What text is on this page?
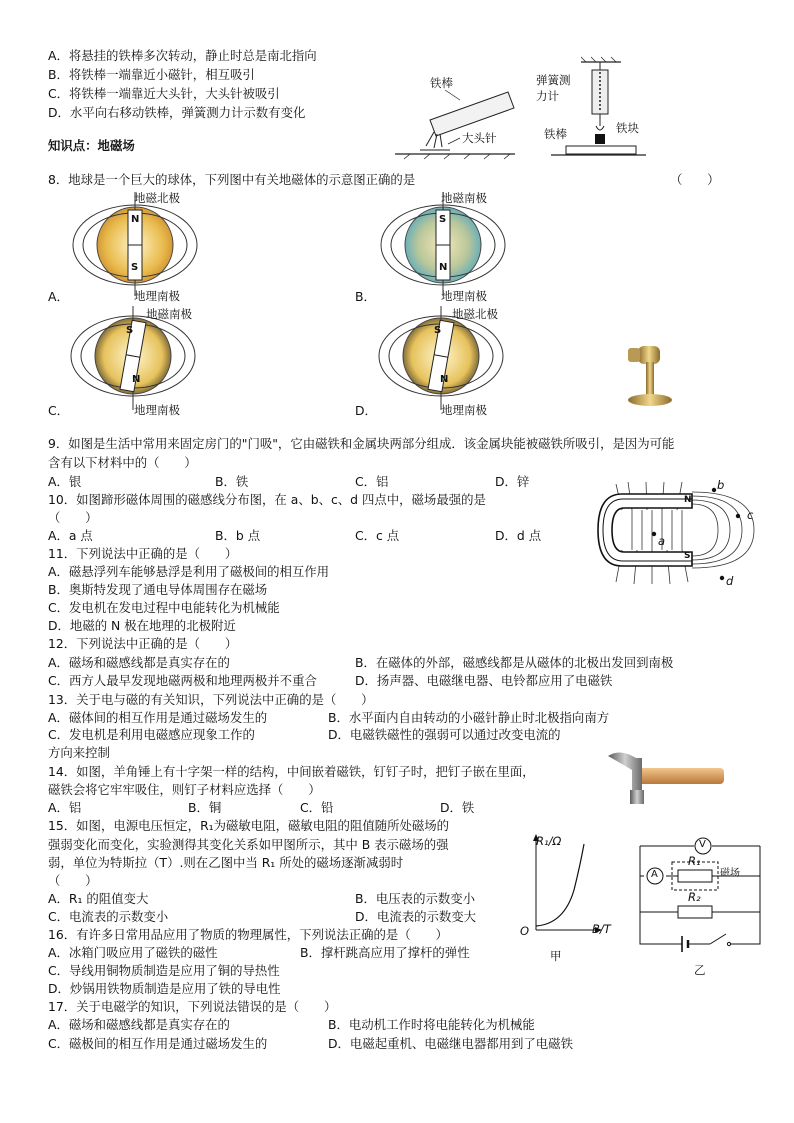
A．将悬挂的铁棒多次转动，静止时总是南北指向
B．将铁棒一端靠近小磁针，相互吸引
C．将铁棒一端靠近大头针，大头针被吸引
D．水平向右移动铁棒，弹簧测力计示数有变化
铁棒
大头针
弹簧测
力计
铁棒	铁块
知识点：地磁场
8．地球是一个巨大的球体，下列图中有关地磁体的示意图正确的是	（　　）
N
S
地磁北极
地理南极
A．
S
N
地磁南极
地理南极
B．
S
N
地磁南极
地理南极
C．
S
N
地磁北极
地理南极
D．
9．如图是生活中常用来固定房门的"门吸"，它由磁铁和金属块两部分组成．该金属块能被磁铁所吸引，是因为可能
含有以下材料中的（　　）
A．银	B．铁	C．铝	D．锌
10．如图蹄形磁体周围的磁感线分布图，在 a、b、c、d 四点中，磁场最强的是
（　　）
A．a 点	B．b 点	C．c 点	D．d 点
N
S
a
b
c
d
11．下列说法中正确的是（　　）
A．磁悬浮列车能够悬浮是利用了磁极间的相互作用
B．奥斯特发现了通电导体周围存在磁场
C．发电机在发电过程中电能转化为机械能
D．地磁的 N 极在地理的北极附近
12．下列说法中正确的是（　　）
A．磁场和磁感线都是真实存在的	B．在磁体的外部，磁感线都是从磁体的北极出发回到南极
C．西方人最早发现地磁两极和地理两极并不重合	D．扬声器、电磁继电器、电铃都应用了电磁铁
13．关于电与磁的有关知识，下列说法中正确的是（　　）
A．磁体间的相互作用是通过磁场发生的	B．水平面内自由转动的小磁针静止时北极指向南方
C．发电机是利用电磁感应现象工作的	D．电磁铁磁性的强弱可以通过改变电流的
方向来控制
14．如图，羊角锤上有十字架一样的结构，中间嵌着磁铁，钉钉子时，把钉子嵌在里面，
磁铁会将它牢牢吸住，则钉子材料应选择（　　）
A．铝	B．铜	C．铅	D．铁
15．如图，电源电压恒定，R₁为磁敏电阻，磁敏电阻的阻值随所处磁场的
强弱变化而变化，实验测得其变化关系如甲图所示，其中 B 表示磁场的强
弱，单位为特斯拉（T）.则在乙图中当 R₁ 所处的磁场逐渐减弱时
（　　）
A．R₁ 的阻值变大	B．电压表的示数变小
C．电流表的示数变小	D．电流表的示数变大
R₁/Ω
B/T
O
甲
V
A
R₁
磁场
R₂
乙
16．有许多日常用品应用了物质的物理属性，下列说法正确的是（　　）
A．冰箱门吸应用了磁铁的磁性	B．撑杆跳高应用了撑杆的弹性
C．导线用铜物质制造是应用了铜的导热性
D．炒锅用铁物质制造是应用了铁的导电性
17．关于电磁学的知识，下列说法错误的是（　　）
A．磁场和磁感线都是真实存在的	B．电动机工作时将电能转化为机械能
C．磁极间的相互作用是通过磁场发生的	D．电磁起重机、电磁继电器都用到了电磁铁
